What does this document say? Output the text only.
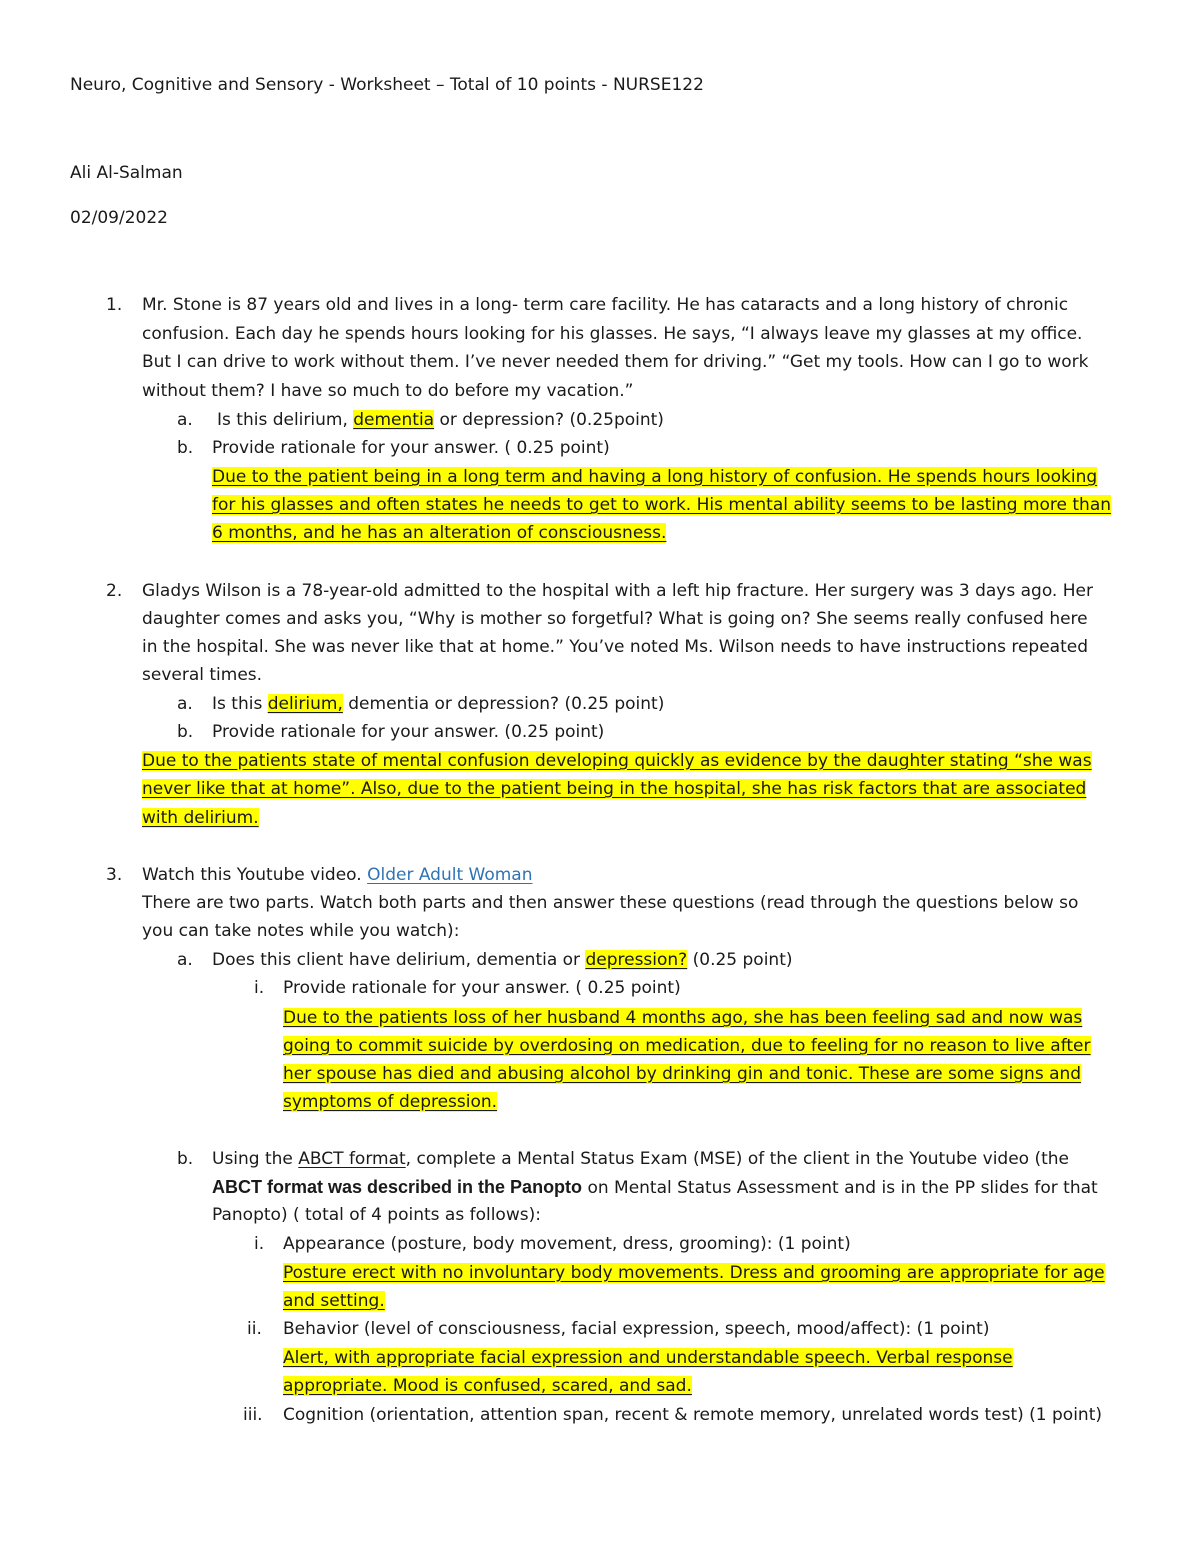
Neuro, Cognitive and Sensory - Worksheet – Total of 10 points - NURSE122
Ali Al-Salman
02/09/2022
1. Mr. Stone is 87 years old and lives in a long- term care facility. He has cataracts and a long history of chronic
confusion. Each day he spends hours looking for his glasses. He says, “I always leave my glasses at my office.
But I can drive to work without them. I’ve never needed them for driving.” “Get my tools. How can I go to work
without them? I have so much to do before my vacation.”
a. Is this delirium, dementia or depression? (0.25point)
b. Provide rationale for your answer. ( 0.25 point)
Due to the patient being in a long term and having a long history of confusion. He spends hours looking
for his glasses and often states he needs to get to work. His mental ability seems to be lasting more than
6 months, and he has an alteration of consciousness.
2. Gladys Wilson is a 78-year-old admitted to the hospital with a left hip fracture. Her surgery was 3 days ago. Her
daughter comes and asks you, “Why is mother so forgetful? What is going on? She seems really confused here
in the hospital. She was never like that at home.” You’ve noted Ms. Wilson needs to have instructions repeated
several times.
a. Is this delirium, dementia or depression? (0.25 point)
b. Provide rationale for your answer. (0.25 point)
Due to the patients state of mental confusion developing quickly as evidence by the daughter stating “she was
never like that at home”. Also, due to the patient being in the hospital, she has risk factors that are associated
with delirium.
3. Watch this Youtube video. Older Adult Woman
There are two parts. Watch both parts and then answer these questions (read through the questions below so
you can take notes while you watch):
a. Does this client have delirium, dementia or depression? (0.25 point)
i. Provide rationale for your answer. ( 0.25 point)
Due to the patients loss of her husband 4 months ago, she has been feeling sad and now was
going to commit suicide by overdosing on medication, due to feeling for no reason to live after
her spouse has died and abusing alcohol by drinking gin and tonic. These are some signs and
symptoms of depression.
b. Using the ABCT format, complete a Mental Status Exam (MSE) of the client in the Youtube video (the
ABCT format was described in the Panopto on Mental Status Assessment and is in the PP slides for that
Panopto) ( total of 4 points as follows):
i. Appearance (posture, body movement, dress, grooming): (1 point)
Posture erect with no involuntary body movements. Dress and grooming are appropriate for age
and setting.
ii. Behavior (level of consciousness, facial expression, speech, mood/affect): (1 point)
Alert, with appropriate facial expression and understandable speech. Verbal response
appropriate. Mood is confused, scared, and sad.
iii. Cognition (orientation, attention span, recent & remote memory, unrelated words test) (1 point)
